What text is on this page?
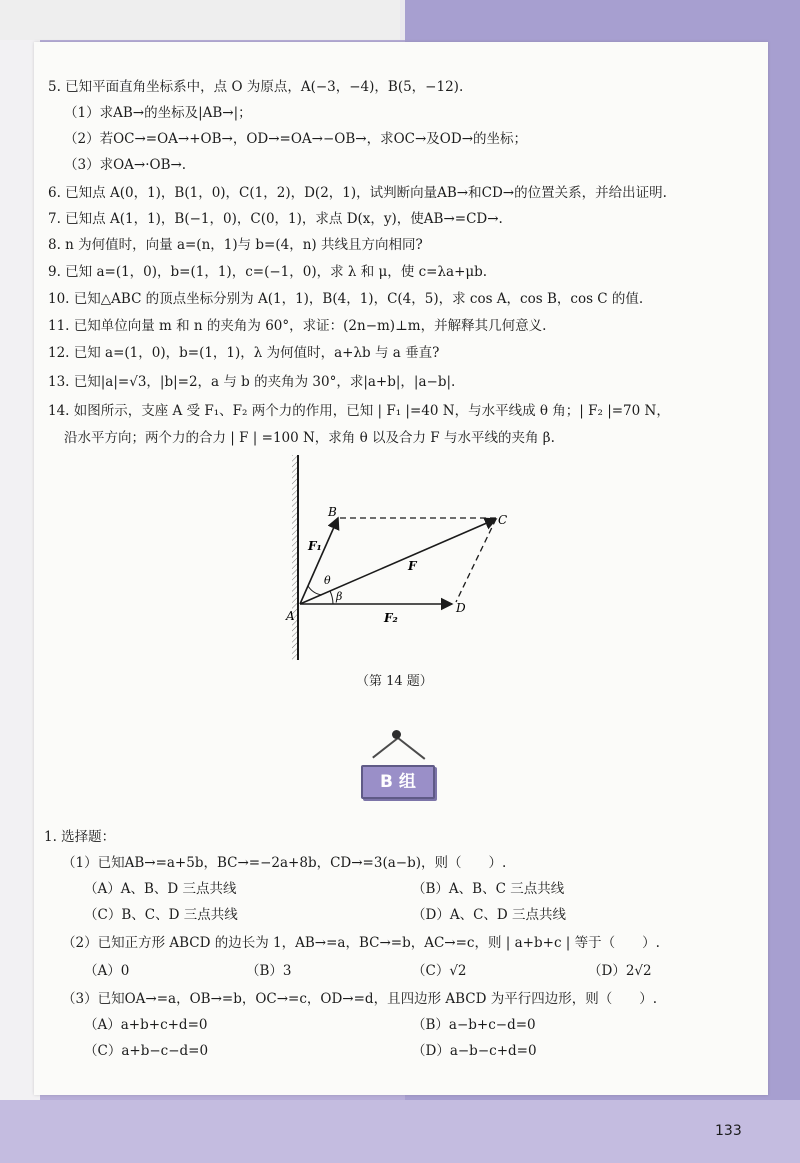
5. 已知平面直角坐标系中，点 O 为原点，A(−3，−4)，B(5，−12).
（1）求AB→的坐标及|AB→|；
（2）若OC→=OA→+OB→，OD→=OA→−OB→，求OC→及OD→的坐标；
（3）求OA→·OB→.
6. 已知点 A(0，1)，B(1，0)，C(1，2)，D(2，1)，试判断向量AB→和CD→的位置关系，并给出证明.
7. 已知点 A(1，1)，B(−1，0)，C(0，1)，求点 D(x，y)，使AB→=CD→.
8. n 为何值时，向量 a=(n，1)与 b=(4，n) 共线且方向相同?
9. 已知 a=(1，0)，b=(1，1)，c=(−1，0)，求 λ 和 μ，使 c=λa+μb.
10. 已知△ABC 的顶点坐标分别为 A(1，1)，B(4，1)，C(4，5)，求 cos A，cos B，cos C 的值.
11. 已知单位向量 m 和 n 的夹角为 60°，求证：(2n−m)⊥m，并解释其几何意义.
12. 已知 a=(1，0)，b=(1，1)，λ 为何值时，a+λb 与 a 垂直?
13. 已知|a|=√3，|b|=2，a 与 b 的夹角为 30°，求|a+b|，|a−b|.
14. 如图所示，支座 A 受 F₁、F₂ 两个力的作用，已知 | F₁ |=40 N，与水平线成 θ 角；| F₂ |=70 N，
沿水平方向；两个力的合力 | F | =100 N，求角 θ 以及合力 F 与水平线的夹角 β.
A
B
C
D
F₁
F₂
F
θ
β
（第 14 题）
B 组
1. 选择题：
（1）已知AB→=a+5b，BC→=−2a+8b，CD→=3(a−b)，则（　　）.
（A）A、B、D 三点共线	（B）A、B、C 三点共线
（C）B、C、D 三点共线	（D）A、C、D 三点共线
（2）已知正方形 ABCD 的边长为 1，AB→=a，BC→=b，AC→=c，则 | a+b+c | 等于（　　）.
（A）0	（B）3	（C）√2	（D）2√2
（3）已知OA→=a，OB→=b，OC→=c，OD→=d，且四边形 ABCD 为平行四边形，则（　　）.
（A）a+b+c+d=0	（B）a−b+c−d=0
（C）a+b−c−d=0	（D）a−b−c+d=0
133
